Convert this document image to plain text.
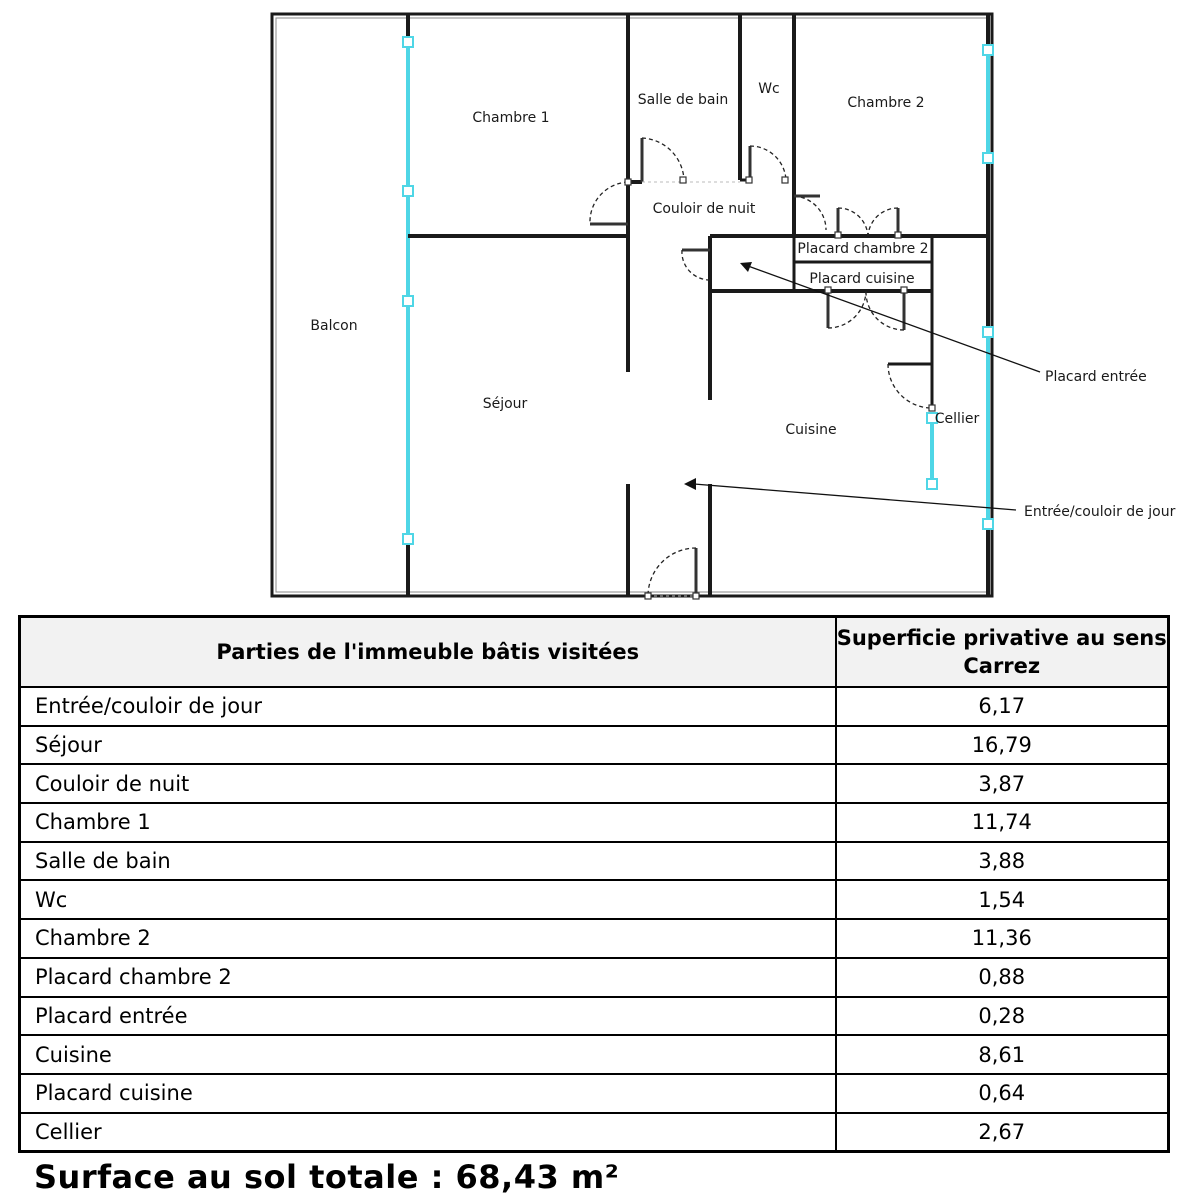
Chambre 1
Salle de bain
Wc
Chambre 2
Couloir de nuit
Placard chambre 2
Placard cuisine
Balcon
Séjour
Cuisine
Cellier
Placard entrée
Entrée/couloir de jour
Parties de l'immeuble bâtis visitées	Superficie privative au sens Carrez
Entrée/couloir de jour	6,17
Séjour	16,79
Couloir de nuit	3,87
Chambre 1	11,74
Salle de bain	3,88
Wc	1,54
Chambre 2	11,36
Placard chambre 2	0,88
Placard entrée	0,28
Cuisine	8,61
Placard cuisine	0,64
Cellier	2,67

Surface au sol totale : 68,43 m²
